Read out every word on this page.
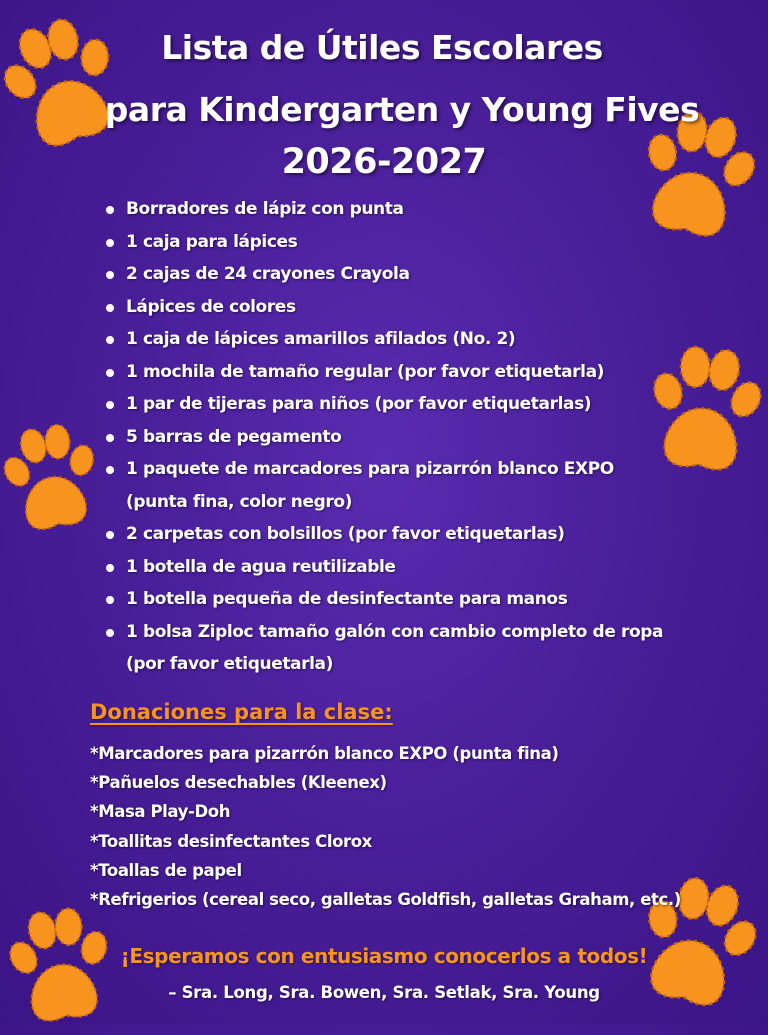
Lista de Útiles Escolares
para Kindergarten y Young Fives
2026-2027
Borradores de lápiz con punta
1 caja para lápices
2 cajas de 24 crayones Crayola
Lápices de colores
1 caja de lápices amarillos afilados (No. 2)
1 mochila de tamaño regular (por favor etiquetarla)
1 par de tijeras para niños (por favor etiquetarlas)
5 barras de pegamento
1 paquete de marcadores para pizarrón blanco EXPO
(punta fina, color negro)
2 carpetas con bolsillos (por favor etiquetarlas)
1 botella de agua reutilizable
1 botella pequeña de desinfectante para manos
1 bolsa Ziploc tamaño galón con cambio completo de ropa
(por favor etiquetarla)
Donaciones para la clase:
*Marcadores para pizarrón blanco EXPO (punta fina)
*Pañuelos desechables (Kleenex)
*Masa Play-Doh
*Toallitas desinfectantes Clorox
*Toallas de papel
*Refrigerios (cereal seco, galletas Goldfish, galletas Graham, etc.)

¡Esperamos con entusiasmo conocerlos a todos!

– Sra. Long, Sra. Bowen, Sra. Setlak, Sra. Young
